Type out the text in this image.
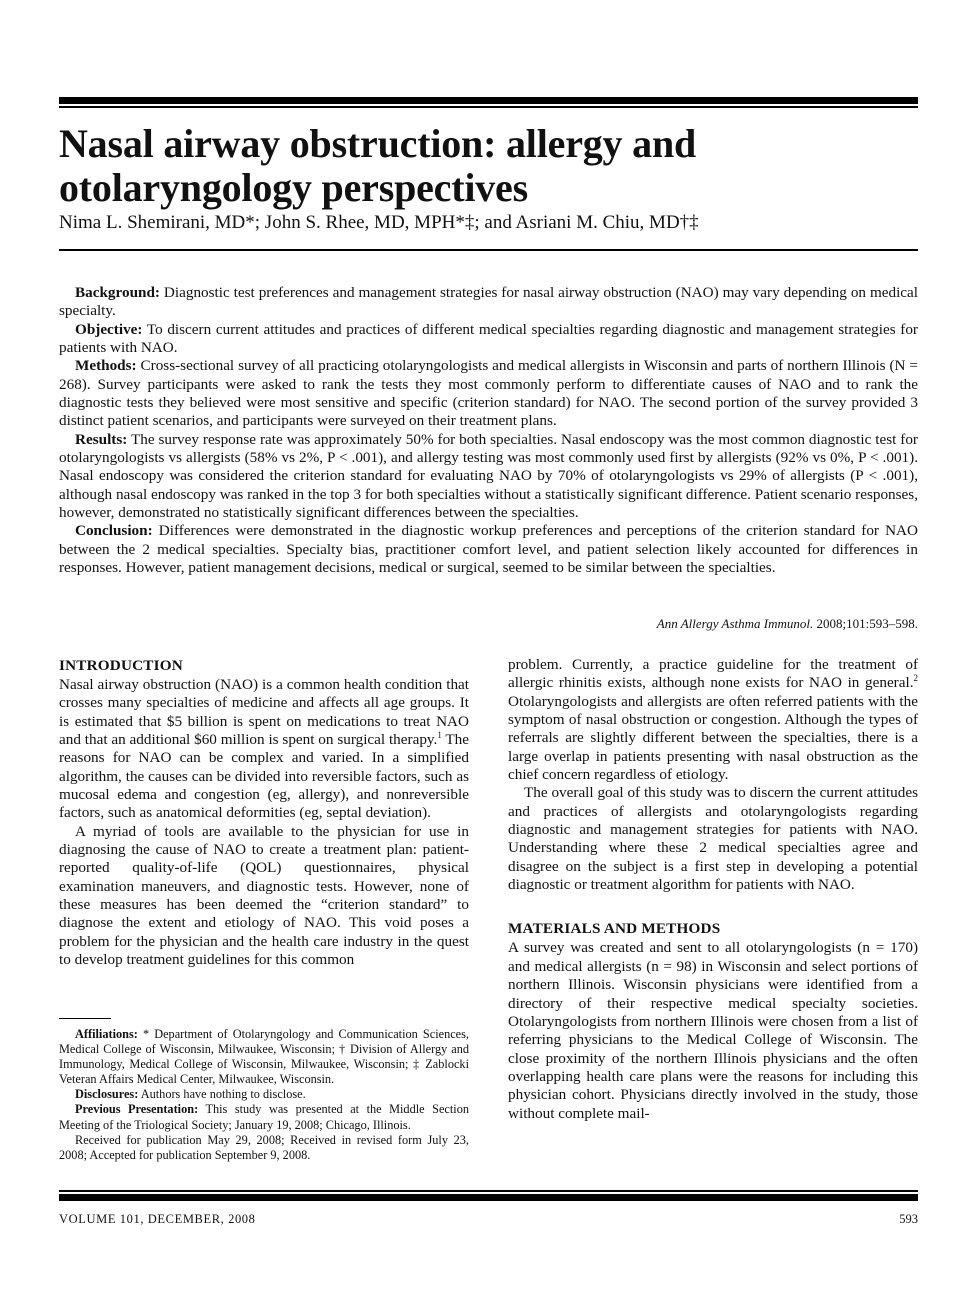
Nasal airway obstruction: allergy and otolaryngology perspectives
Nima L. Shemirani, MD*; John S. Rhee, MD, MPH*‡; and Asriani M. Chiu, MD†‡

Background: Diagnostic test preferences and management strategies for nasal airway obstruction (NAO) may vary depending on medical specialty.

Objective: To discern current attitudes and practices of different medical specialties regarding diagnostic and management strategies for patients with NAO.

Methods: Cross-sectional survey of all practicing otolaryngologists and medical allergists in Wisconsin and parts of northern Illinois (N = 268). Survey participants were asked to rank the tests they most commonly perform to differentiate causes of NAO and to rank the diagnostic tests they believed were most sensitive and specific (criterion standard) for NAO. The second portion of the survey provided 3 distinct patient scenarios, and participants were surveyed on their treatment plans.

Results: The survey response rate was approximately 50% for both specialties. Nasal endoscopy was the most common diagnostic test for otolaryngologists vs allergists (58% vs 2%, P < .001), and allergy testing was most commonly used first by allergists (92% vs 0%, P < .001). Nasal endoscopy was considered the criterion standard for evaluating NAO by 70% of otolaryngologists vs 29% of allergists (P < .001), although nasal endoscopy was ranked in the top 3 for both specialties without a statistically significant difference. Patient scenario responses, however, demonstrated no statistically significant differences between the specialties.

Conclusion: Differences were demonstrated in the diagnostic workup preferences and perceptions of the criterion standard for NAO between the 2 medical specialties. Specialty bias, practitioner comfort level, and patient selection likely accounted for differences in responses. However, patient management decisions, medical or surgical, seemed to be similar between the specialties.

Ann Allergy Asthma Immunol. 2008;101:593–598.
INTRODUCTION

Nasal airway obstruction (NAO) is a common health condition that crosses many specialties of medicine and affects all age groups. It is estimated that $5 billion is spent on medications to treat NAO and that an additional $60 million is spent on surgical therapy.$^1$ The reasons for NAO can be complex and varied. In a simplified algorithm, the causes can be divided into reversible factors, such as mucosal edema and congestion (eg, allergy), and nonreversible factors, such as anatomical deformities (eg, septal deviation).

A myriad of tools are available to the physician for use in diagnosing the cause of NAO to create a treatment plan: patient-reported quality-of-life (QOL) questionnaires, physical examination maneuvers, and diagnostic tests. However, none of these measures has been deemed the “criterion standard” to diagnose the extent and etiology of NAO. This void poses a problem for the physician and the health care industry in the quest to develop treatment guidelines for this common

Affiliations: * Department of Otolaryngology and Communication Sciences, Medical College of Wisconsin, Milwaukee, Wisconsin; † Division of Allergy and Immunology, Medical College of Wisconsin, Milwaukee, Wisconsin; ‡ Zablocki Veteran Affairs Medical Center, Milwaukee, Wisconsin.

Disclosures: Authors have nothing to disclose.

Previous Presentation: This study was presented at the Middle Section Meeting of the Triological Society; January 19, 2008; Chicago, Illinois.

Received for publication May 29, 2008; Received in revised form July 23, 2008; Accepted for publication September 9, 2008.

problem. Currently, a practice guideline for the treatment of allergic rhinitis exists, although none exists for NAO in general.$^2$ Otolaryngologists and allergists are often referred patients with the symptom of nasal obstruction or congestion. Although the types of referrals are slightly different between the specialties, there is a large overlap in patients presenting with nasal obstruction as the chief concern regardless of etiology.

The overall goal of this study was to discern the current attitudes and practices of allergists and otolaryngologists regarding diagnostic and management strategies for patients with NAO. Understanding where these 2 medical specialties agree and disagree on the subject is a first step in developing a potential diagnostic or treatment algorithm for patients with NAO.

MATERIALS AND METHODS

A survey was created and sent to all otolaryngologists (n = 170) and medical allergists (n = 98) in Wisconsin and select portions of northern Illinois. Wisconsin physicians were identified from a directory of their respective medical specialty societies. Otolaryngologists from northern Illinois were chosen from a list of referring physicians to the Medical College of Wisconsin. The close proximity of the northern Illinois physicians and the often overlapping health care plans were the reasons for including this physician cohort. Physicians directly involved in the study, those without complete mail-

VOLUME 101, DECEMBER, 2008	593
